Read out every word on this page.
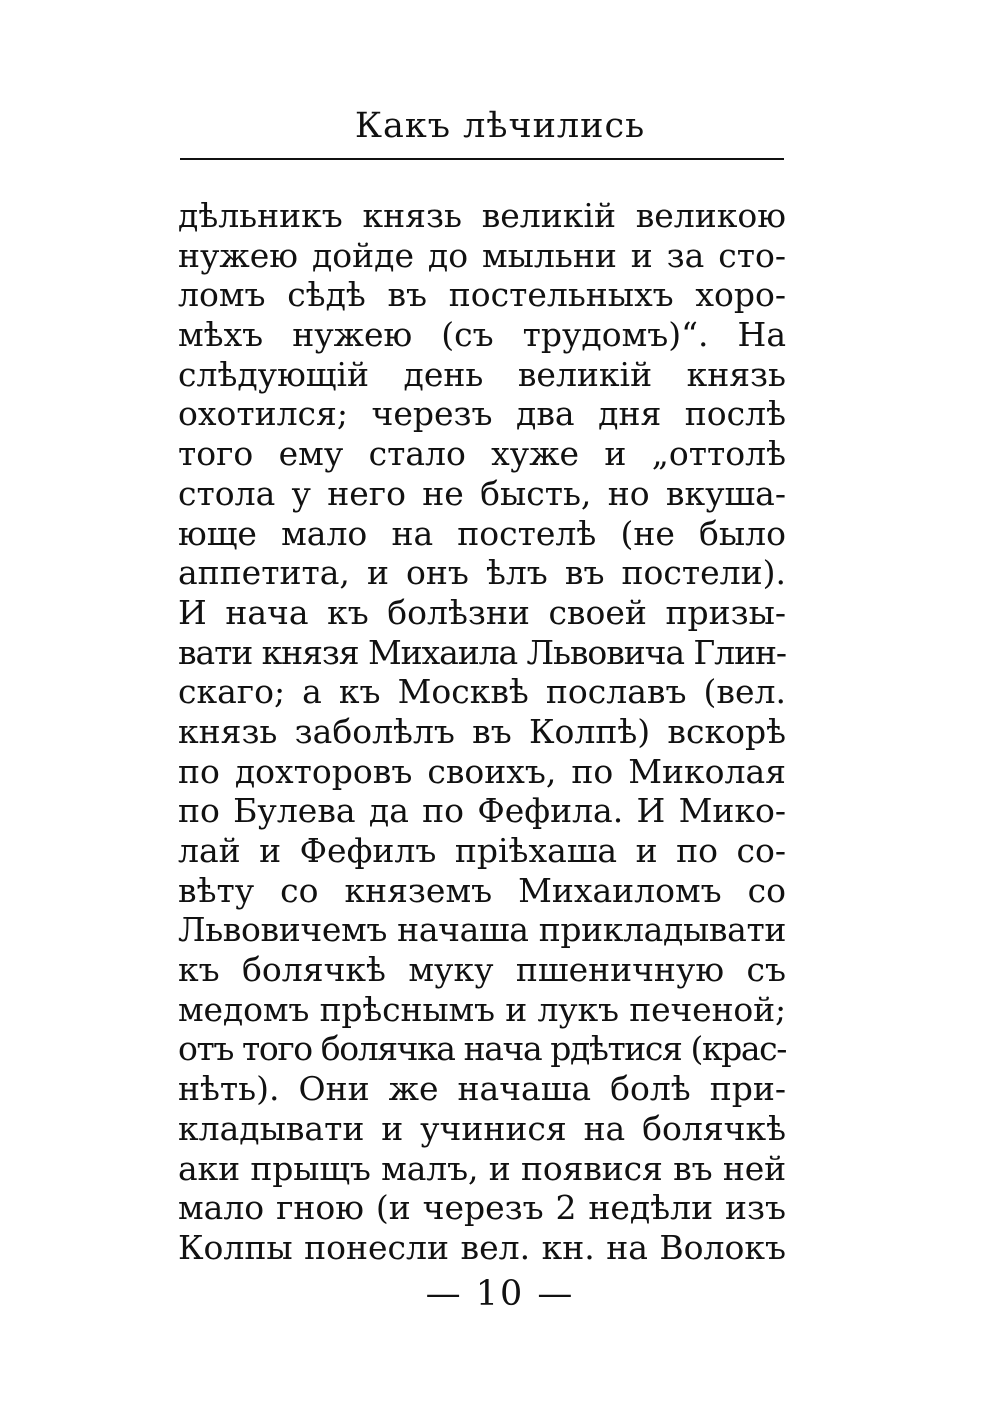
Какъ лѣчились
дѣльникъ князь великій великою
нужею дойде до мыльни и за сто-
ломъ сѣдѣ въ постельныхъ хоро-
мѣхъ нужею (съ трудомъ)“. На
слѣдующій день великій князь
охотился; черезъ два дня послѣ
того ему стало хуже и „оттолѣ
стола у него не бысть, но вкуша-
юще мало на постелѣ (не было
аппетита, и онъ ѣлъ въ постели).
И нача къ болѣзни своей призы-
вати князя Михаила Львовича Глин-
скаго; а къ Москвѣ пославъ (вел.
князь заболѣлъ въ Колпѣ) вскорѣ
по дохторовъ своихъ, по Миколая
по Булева да по Фефила. И Мико-
лай и Фефилъ пріѣхаша и по со-
вѣту со княземъ Михаиломъ со
Львовичемъ начаша прикладывати
къ болячкѣ муку пшеничную съ
медомъ прѣснымъ и лукъ печеной;
отъ того болячка нача рдѣтися (крас-
нѣть). Они же начаша болѣ при-
кладывати и учинися на болячкѣ
аки прыщъ малъ, и появися въ ней
мало гною (и черезъ 2 недѣли изъ
Колпы понесли вел. кн. на Волокъ
— 10 —
